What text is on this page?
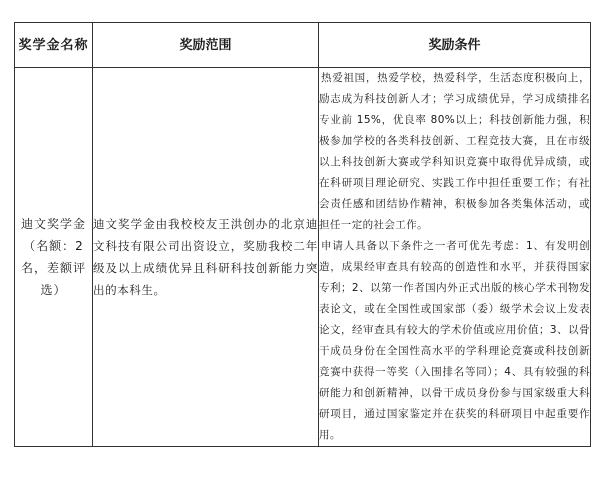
奖学金名称	奖励范围	奖励条件
迪文奖学金（名额：2名，差额评选）	迪文奖学金由我校校友王洪创办的北京迪文科技有限公司出资设立，奖励我校二年级及以上成绩优异且科研科技创新能力突出的本科生。	热爱祖国，热爱学校，热爱科学，生活态度积极向上，励志成为科技创新人才；学习成绩优异，学习成绩排名专业前 15%，优良率 80%以上；科技创新能力强，积极参加学校的各类科技创新、工程竞技大赛，且在市级以上科技创新大赛或学科知识竞赛中取得优异成绩，或在科研项目理论研究、实践工作中担任重要工作；有社会责任感和团结协作精神，积极参加各类集体活动，或担任一定的社会工作。

申请人具备以下条件之一者可优先考虑：1、有发明创造，成果经审查具有较高的创造性和水平，并获得国家专利；2、以第一作者国内外正式出版的核心学术刊物发表论文，或在全国性或国家部（委）级学术会议上发表论文，经审查具有较大的学术价值或应用价值；3、以骨干成员身份在全国性高水平的学科理论竞赛或科技创新竞赛中获得一等奖（入围排名等同）；4、具有较强的科研能力和创新精神，以骨干成员身份参与国家级重大科研项目，通过国家鉴定并在获奖的科研项目中起重要作用。
